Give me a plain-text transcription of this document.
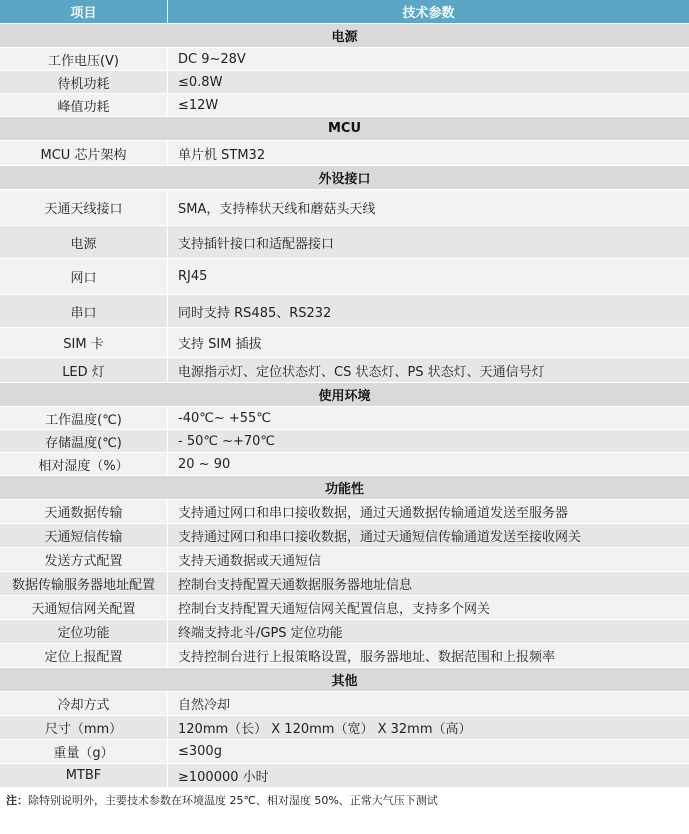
项目	技术参数
电源
工作电压(V)	DC 9~28V
待机功耗	≤0.8W
峰值功耗	≤12W
MCU
MCU 芯片架构	单片机 STM32
外设接口
天通天线接口	SMA，支持棒状天线和蘑菇头天线
电源	支持插针接口和适配器接口
网口	RJ45
串口	同时支持 RS485、RS232
SIM 卡	支持 SIM 插拔
LED 灯	电源指示灯、定位状态灯、CS 状态灯、PS 状态灯、天通信号灯
使用环境
工作温度(℃)	-40℃~ +55℃
存储温度(℃)	- 50℃ ~+70℃
相对湿度（%）	20 ~ 90
功能性
天通数据传输	支持通过网口和串口接收数据，通过天通数据传输通道发送至服务器
天通短信传输	支持通过网口和串口接收数据，通过天通短信传输通道发送至接收网关
发送方式配置	支持天通数据或天通短信
数据传输服务器地址配置	控制台支持配置天通数据服务器地址信息
天通短信网关配置	控制台支持配置天通短信网关配置信息，支持多个网关
定位功能	终端支持北斗/GPS 定位功能
定位上报配置	支持控制台进行上报策略设置，服务器地址、数据范围和上报频率
其他
冷却方式	自然冷却
尺寸（mm）	120mm（长） X 120mm（宽） X 32mm（高）
重量（g）	≤300g
MTBF	≥100000 小时
注：除特别说明外，主要技术参数在环境温度 25℃、相对湿度 50%、正常大气压下测试
